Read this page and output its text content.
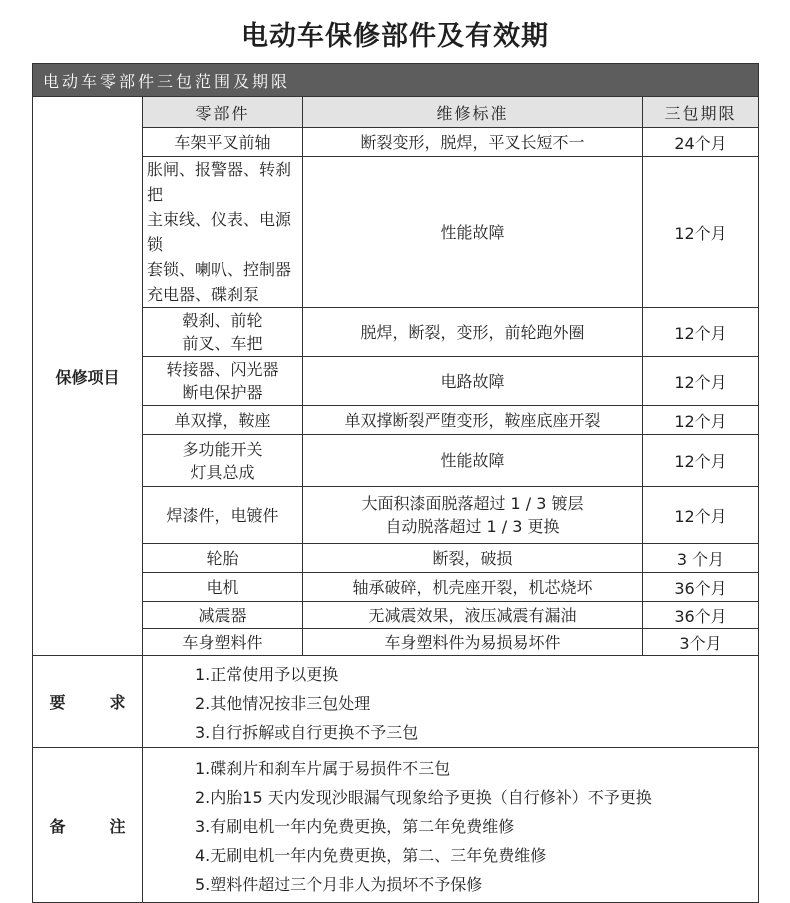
电动车保修部件及有效期
电动车零部件三包范围及期限			
保修项目	零部件	维修标准	三包期限

	车架平叉前轴	断裂变形，脱焊，平叉长短不一	24个月

	胀闸、报警器、转刹把
主束线、仪表、电源锁
套锁、喇叭、控制器
充电器、碟刹泵	性能故障	12个月

	毂刹、前轮
前叉、车把	脱焊，断裂，变形，前轮跑外圈	12个月

	转接器、闪光器
断电保护器	电路故障	12个月

	单双撑，鞍座	单双撑断裂严堕变形，鞍座底座开裂	12个月

	多功能开关
灯具总成	性能故障	12个月

	焊漆件，电镀件	大面积漆面脱落超过 1 / 3 镀层
自动脱落超过 1 / 3 更换	12个月

	轮胎	断裂，破损	3 个月

	电机	轴承破碎，机壳座开裂，机芯烧坏	36个月

	减震器	无减震效果，液压减震有漏油	36个月

	车身塑料件	车身塑料件为易损易坏件	3个月
要 求	1.正常使用予以更换
2.其他情况按非三包处理
3.自行拆解或自行更换不予三包		

备 注	1.碟刹片和刹车片属于易损件不三包
2.内胎15 天内发现沙眼漏气现象给予更换（自行修补）不予更换
3.有刷电机一年内免费更换，第二年免费维修
4.无刷电机一年内免费更换，第二、三年免费维修
5.塑料件超过三个月非人为损坏不予保修		
